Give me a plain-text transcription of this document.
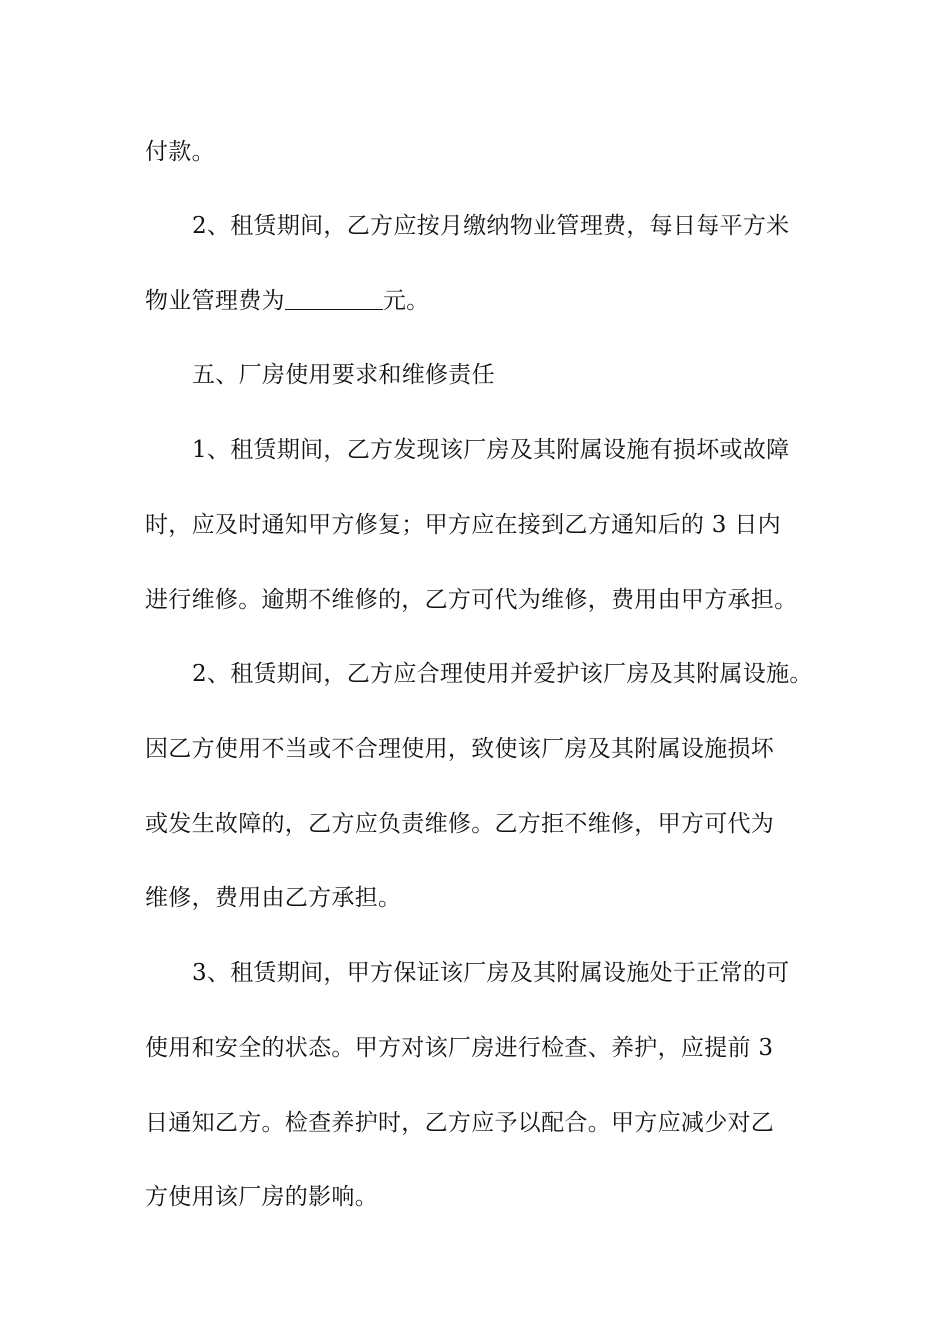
付款。
2、租赁期间，乙方应按月缴纳物业管理费，每日每平方米
物业管理费为	元。
五、厂房使用要求和维修责任
1、租赁期间，乙方发现该厂房及其附属设施有损坏或故障
时，应及时通知甲方修复；甲方应在接到乙方通知后的 3 日内
进行维修。逾期不维修的，乙方可代为维修，费用由甲方承担。
2、租赁期间，乙方应合理使用并爱护该厂房及其附属设施。
因乙方使用不当或不合理使用，致使该厂房及其附属设施损坏
或发生故障的，乙方应负责维修。乙方拒不维修，甲方可代为
维修，费用由乙方承担。
3、租赁期间，甲方保证该厂房及其附属设施处于正常的可
使用和安全的状态。甲方对该厂房进行检查、养护，应提前 3
日通知乙方。检查养护时，乙方应予以配合。甲方应减少对乙
方使用该厂房的影响。
